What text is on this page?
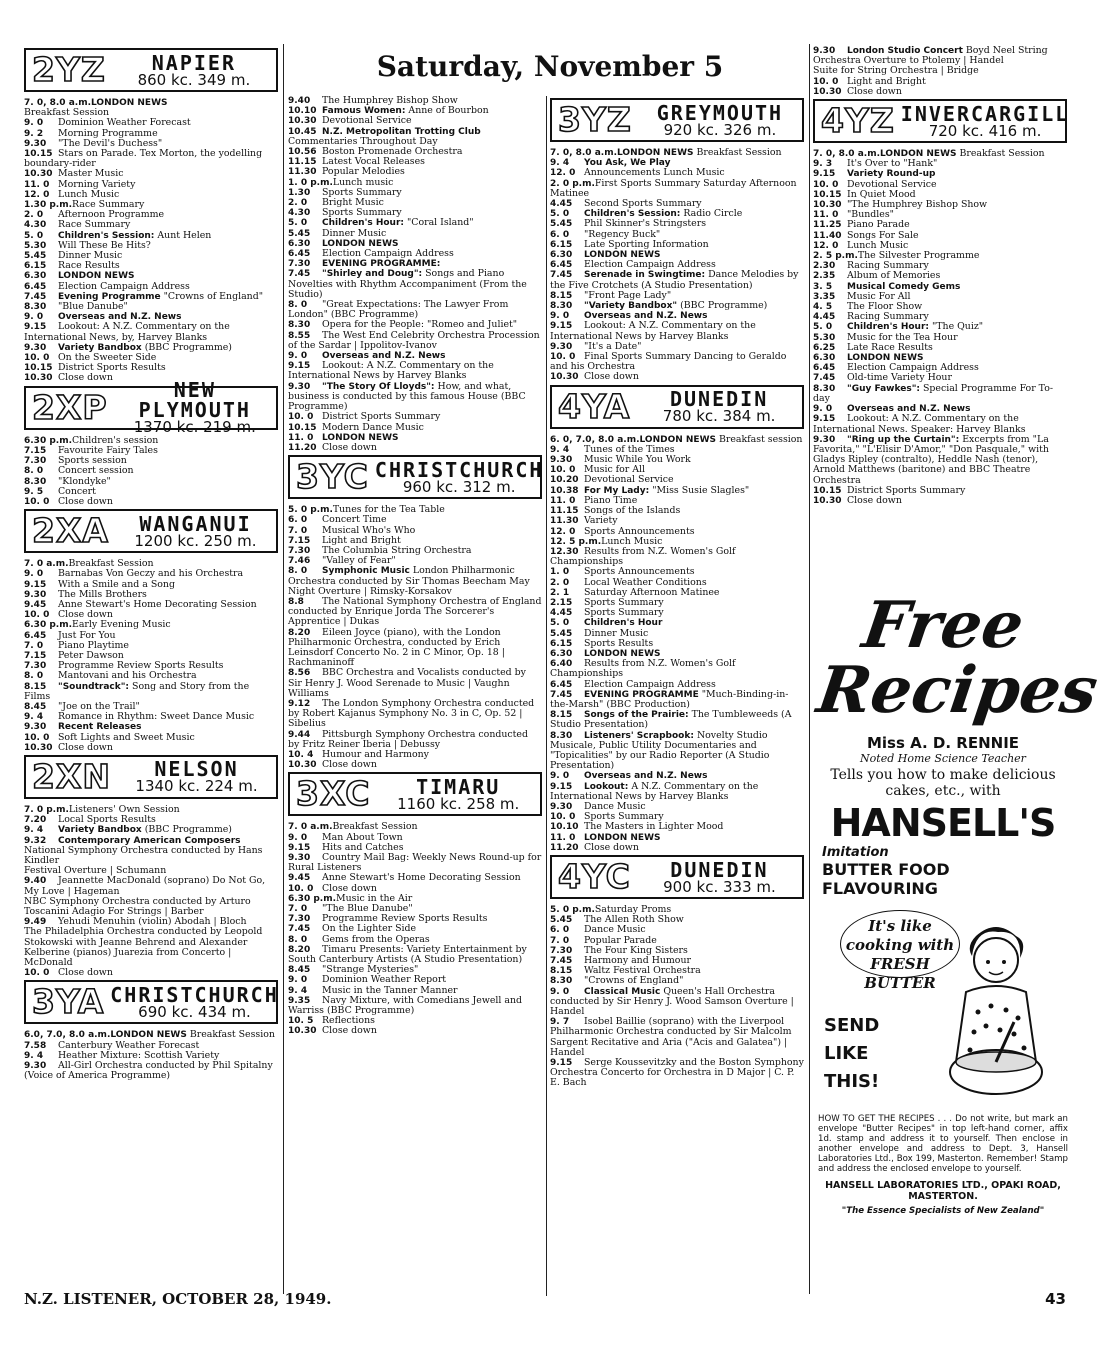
Saturday, November 5
2YZ	NAPIER
860 kc. 349 m.
7. 0, 8.0 a.m.LONDON NEWS
Breakfast Session
9. 0 Dominion Weather Forecast
9. 2 Morning Programme
9.30 "The Devil's Duchess"
10.15 Stars on Parade. Tex Morton, the yodelling boundary-rider
10.30 Master Music
11. 0 Morning Variety
12. 0 Lunch Music
1.30 p.m.Race Summary
2. 0 Afternoon Programme
4.30 Race Summary
5. 0 Children's Session: Aunt Helen
5.30 Will These Be Hits?
5.45 Dinner Music
6.15 Race Results
6.30 LONDON NEWS
6.45 Election Campaign Address
7.45 Evening Programme "Crowns of England"
8.30 "Blue Danube"
9. 0 Overseas and N.Z. News
9.15 Lookout: A N.Z. Commentary on the International News, by, Harvey Blanks
9.30 Variety Bandbox (BBC Programme)
10. 0 On the Sweeter Side
10.15 District Sports Results
10.30 Close down
2XP	NEW PLYMOUTH
1370 kc. 219 m.
6.30 p.m.Children's session
7.15 Favourite Fairy Tales
7.30 Sports session
8. 0 Concert session
8.30 "Klondyke"
9. 5 Concert
10. 0 Close down
2XA	WANGANUI
1200 kc. 250 m.
7. 0 a.m.Breakfast Session
9. 0 Barnabas Von Geczy and his Orchestra
9.15 With a Smile and a Song
9.30 The Mills Brothers
9.45 Anne Stewart's Home Decorating Session
10. 0 Close down
6.30 p.m.Early Evening Music
6.45 Just For You
7. 0 Piano Playtime
7.15 Peter Dawson
7.30 Programme Review Sports Results
8. 0 Mantovani and his Orchestra
8.15 "Soundtrack": Song and Story from the Films
8.45 "Joe on the Trail"
9. 4 Romance in Rhythm: Sweet Dance Music
9.30 Recent Releases
10. 0 Soft Lights and Sweet Music
10.30 Close down
2XN	NELSON
1340 kc. 224 m.
7. 0 p.m.Listeners' Own Session
7.20 Local Sports Results
9. 4 Variety Bandbox (BBC Programme)
9.32 Contemporary American Composers National Symphony Orchestra conducted by Hans Kindler
Festival Overture | Schumann
9.40 Jeannette MacDonald (soprano) Do Not Go, My Love | Hageman
NBC Symphony Orchestra conducted by Arturo Toscanini Adagio For Strings | Barber
9.49 Yehudi Menuhin (violin) Abodah | Bloch
The Philadelphia Orchestra conducted by Leopold Stokowski with Jeanne Behrend and Alexander Kelberine (pianos) Juarezia from Concerto | McDonald
10. 0 Close down
3YA CHRISTCHURCH
690 kc. 434 m.
6.0, 7.0, 8.0 a.m.LONDON NEWS Breakfast Session
7.58 Canterbury Weather Forecast
9. 4 Heather Mixture: Scottish Variety
9.30 All-Girl Orchestra conducted by Phil Spitalny (Voice of America Programme)
9.40 The Humphrey Bishop Show
10.10 Famous Women: Anne of Bourbon
10.30 Devotional Service
10.45 N.Z. Metropolitan Trotting Club Commentaries Throughout Day
10.56 Boston Promenade Orchestra
11.15 Latest Vocal Releases
11.30 Popular Melodies
1. 0 p.m.Lunch music
1.30 Sports Summary
2. 0 Bright Music
4.30 Sports Summary
5. 0 Children's Hour: "Coral Island"
5.45 Dinner Music
6.30 LONDON NEWS
6.45 Election Campaign Address
7.30 EVENING PROGRAMME:
7.45 "Shirley and Doug": Songs and Piano Novelties with Rhythm Accompaniment (From the Studio)
8. 0 "Great Expectations: The Lawyer From London" (BBC Programme)
8.30 Opera for the People: "Romeo and Juliet"
8.55 The West End Celebrity Orchestra Procession of the Sardar | Ippolitov-Ivanov
9. 0 Overseas and N.Z. News
9.15 Lookout: A N.Z. Commentary on the International News by Harvey Blanks
9.30 "The Story Of Lloyds": How, and what, business is conducted by this famous House (BBC Programme)
10. 0 District Sports Summary
10.15 Modern Dance Music
11. 0 LONDON NEWS
11.20 Close down
3YC CHRISTCHURCH
960 kc. 312 m.
5. 0 p.m.Tunes for the Tea Table
6. 0 Concert Time
7. 0 Musical Who's Who
7.15 Light and Bright
7.30 The Columbia String Orchestra
7.46 "Valley of Fear"
8. 0 Symphonic Music London Philharmonic Orchestra conducted by Sir Thomas Beecham May Night Overture | Rimsky-Korsakov
8.8 The National Symphony Orchestra of England conducted by Enrique Jorda The Sorcerer's Apprentice | Dukas
8.20 Eileen Joyce (piano), with the London Philharmonic Orchestra, conducted by Erich Leinsdorf Concerto No. 2 in C Minor, Op. 18 | Rachmaninoff
8.56 BBC Orchestra and Vocalists conducted by Sir Henry J. Wood Serenade to Music | Vaughn Williams
9.12 The London Symphony Orchestra conducted by Robert Kajanus Symphony No. 3 in C, Op. 52 | Sibelius
9.44 Pittsburgh Symphony Orchestra conducted by Fritz Reiner Iberia | Debussy
10. 4 Humour and Harmony
10.30 Close down
3XC	TIMARU
1160 kc. 258 m.
7. 0 a.m.Breakfast Session
9. 0 Man About Town
9.15 Hits and Catches
9.30 Country Mail Bag: Weekly News Round-up for Rural Listeners
9.45 Anne Stewart's Home Decorating Session
10. 0 Close down
6.30 p.m.Music in the Air
7. 0 "The Blue Danube"
7.30 Programme Review Sports Results
7.45 On the Lighter Side
8. 0 Gems from the Operas
8.20 Timaru Presents: Variety Entertainment by South Canterbury Artists (A Studio Presentation)
8.45 "Strange Mysteries"
9. 0 Dominion Weather Report
9. 4 Music in the Tanner Manner
9.35 Navy Mixture, with Comedians Jewell and Warriss (BBC Programme)
10. 5 Reflections
10.30 Close down
3YZ	GREYMOUTH
920 kc. 326 m.
7. 0, 8.0 a.m.LONDON NEWS Breakfast Session
9. 4 You Ask, We Play
12. 0 Announcements Lunch Music
2. 0 p.m.First Sports Summary Saturday Afternoon Matinee
4.45 Second Sports Summary
5. 0 Children's Session: Radio Circle
5.45 Phil Skinner's Stringsters
6. 0 "Regency Buck"
6.15 Late Sporting Information
6.30 LONDON NEWS
6.45 Election Campaign Address
7.45 Serenade in Swingtime: Dance Melodies by the Five Crotchets (A Studio Presentation)
8.15 "Front Page Lady"
8.30 "Variety Bandbox" (BBC Programme)
9. 0 Overseas and N.Z. News
9.15 Lookout: A N.Z. Commentary on the International News by Harvey Blanks
9.30 "It's a Date"
10. 0 Final Sports Summary Dancing to Geraldo and his Orchestra
10.30 Close down
4YA	DUNEDIN
780 kc. 384 m.
6. 0, 7.0, 8.0 a.m.LONDON NEWS Breakfast session
9. 4 Tunes of the Times
9.30 Music While You Work
10. 0 Music for All
10.20 Devotional Service
10.38 For My Lady: "Miss Susie Slagles"
11. 0 Piano Time
11.15 Songs of the Islands
11.30 Variety
12. 0 Sports Announcements
12. 5 p.m.Lunch Music
12.30 Results from N.Z. Women's Golf Championships
1. 0 Sports Announcements
2. 0 Local Weather Conditions
2. 1 Saturday Afternoon Matinee
2.15 Sports Summary
4.45 Sports Summary
5. 0 Children's Hour
5.45 Dinner Music
6.15 Sports Results
6.30 LONDON NEWS
6.40 Results from N.Z. Women's Golf Championships
6.45 Election Campaign Address
7.45 EVENING PROGRAMME "Much-Binding-in-the-Marsh" (BBC Production)
8.15 Songs of the Prairie: The Tumbleweeds (A Studio Presentation)
8.30 Listeners' Scrapbook: Novelty Studio Musicale, Public Utility Documentaries and "Topicalities" by our Radio Reporter (A Studio Presentation)
9. 0 Overseas and N.Z. News
9.15 Lookout: A N.Z. Commentary on the International News by Harvey Blanks
9.30 Dance Music
10. 0 Sports Summary
10.10 The Masters in Lighter Mood
11. 0 LONDON NEWS
11.20 Close down
4YC	DUNEDIN
900 kc. 333 m.
5. 0 p.m.Saturday Proms
5.45 The Allen Roth Show
6. 0 Dance Music
7. 0 Popular Parade
7.30 The Four King Sisters
7.45 Harmony and Humour
8.15 Waltz Festival Orchestra
8.30 "Crowns of England"
9. 0 Classical Music Queen's Hall Orchestra conducted by Sir Henry J. Wood Samson Overture | Handel
9. 7 Isobel Baillie (soprano) with the Liverpool Philharmonic Orchestra conducted by Sir Malcolm Sargent Recitative and Aria ("Acis and Galatea") | Handel
9.15 Serge Koussevitzky and the Boston Symphony Orchestra Concerto for Orchestra in D Major | C. P. E. Bach
9.30 London Studio Concert Boyd Neel String Orchestra Overture to Ptolemy | Handel
Suite for String Orchestra | Bridge
10. 0 Light and Bright
10.30 Close down
4YZ INVERCARGILL
720 kc. 416 m.
7. 0, 8.0 a.m.LONDON NEWS Breakfast Session
9. 3 It's Over to "Hank"
9.15 Variety Round-up
10. 0 Devotional Service
10.15 In Quiet Mood
10.30 "The Humphrey Bishop Show
11. 0 "Bundles"
11.25 Piano Parade
11.40 Songs For Sale
12. 0 Lunch Music
2. 5 p.m.The Silvester Programme
2.30 Racing Summary
2.35 Album of Memories
3. 5 Musical Comedy Gems
3.35 Music For All
4. 5 The Floor Show
4.45 Racing Summary
5. 0 Children's Hour: "The Quiz"
5.30 Music for the Tea Hour
6.25 Late Race Results
6.30 LONDON NEWS
6.45 Election Campaign Address
7.45 Old-time Variety Hour
8.30 "Guy Fawkes": Special Programme For To-day
9. 0 Overseas and N.Z. News
9.15 Lookout: A N.Z. Commentary on the International News. Speaker: Harvey Blanks
9.30 "Ring up the Curtain": Excerpts from "La Favorita," "L'Elisir D'Amor," "Don Pasquale," with Gladys Ripley (contralto), Heddle Nash (tenor), Arnold Matthews (baritone) and BBC Theatre Orchestra
10.15 District Sports Summary
10.30 Close down
Free
Recipes
Miss A. D. RENNIE
Noted Home Science Teacher
Tells you how to make delicious cakes, etc., with
HANSELL'S
Imitation
BUTTER FOOD FLAVOURING
It's like cooking with FRESH BUTTER
SEND LIKE THIS!
HOW TO GET THE RECIPES . . . Do not write, but mark an envelope "Butter Recipes" in top left-hand corner, affix 1d. stamp and address it to yourself. Then enclose in another envelope and address to Dept. 3, Hansell Laboratories Ltd., Box 199, Masterton. Remember! Stamp and address the enclosed envelope to yourself.
HANSELL LABORATORIES LTD., OPAKI ROAD, MASTERTON.
"The Essence Specialists of New Zealand"
N.Z. LISTENER, OCTOBER 28, 1949.	43
